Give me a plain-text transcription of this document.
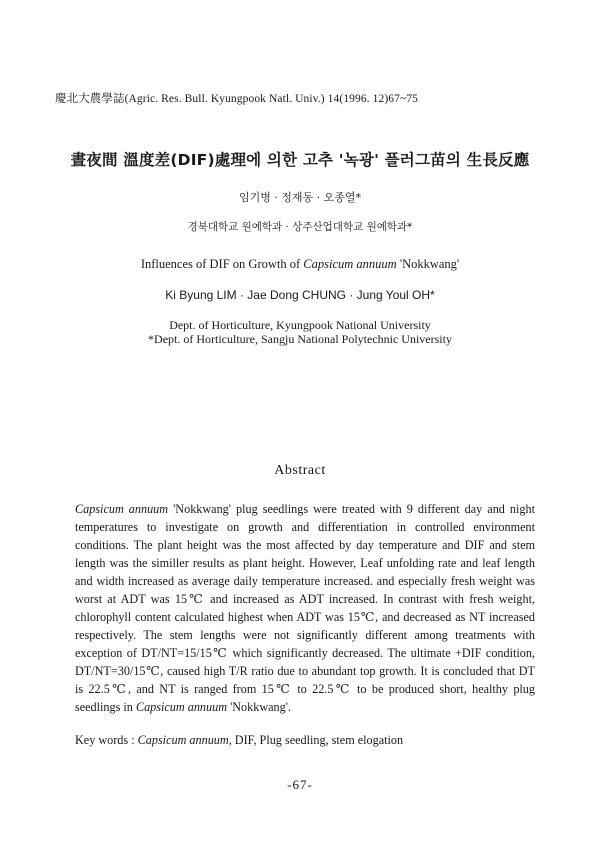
慶北大農學誌(Agric. Res. Bull. Kyungpook Natl. Univ.) 14(1996. 12)67~75
晝夜間 溫度差(DIF)處理에 의한 고추 '녹광' 플러그苗의 生長反應
임기병 · 정재동 · 오종열*
경북대학교 원예학과 · 상주산업대학교 원예학과*
Influences of DIF on Growth of Capsicum annuum 'Nokkwang'
Ki Byung LIM · Jae Dong CHUNG · Jung Youl OH*
Dept. of Horticulture, Kyungpook National University
*Dept. of Horticulture, Sangju National Polytechnic University
Abstract

Capsicum annuum 'Nokkwang' plug seedlings were treated with 9 different day and night temperatures to investigate on growth and differentiation in controlled environment conditions. The plant height was the most affected by day temperature and DIF and stem length was the similler results as plant height. However, Leaf unfolding rate and leaf length and width increased as average daily temperature increased. and especially fresh weight was worst at ADT was 15℃ and increased as ADT increased. In contrast with fresh weight, chlorophyll content calculated highest when ADT was 15℃, and decreased as NT increased respectively. The stem lengths were not significantly different among treatments with exception of DT/NT=15/15℃ which significantly decreased. The ultimate +DIF condition, DT/NT=30/15℃, caused high T/R ratio due to abundant top growth. It is concluded that DT is 22.5℃, and NT is ranged from 15℃ to 22.5℃ to be produced short, healthy plug seedlings in Capsicum annuum 'Nokkwang'.

Key words : Capsicum annuum, DIF, Plug seedling, stem elogation
-67-
